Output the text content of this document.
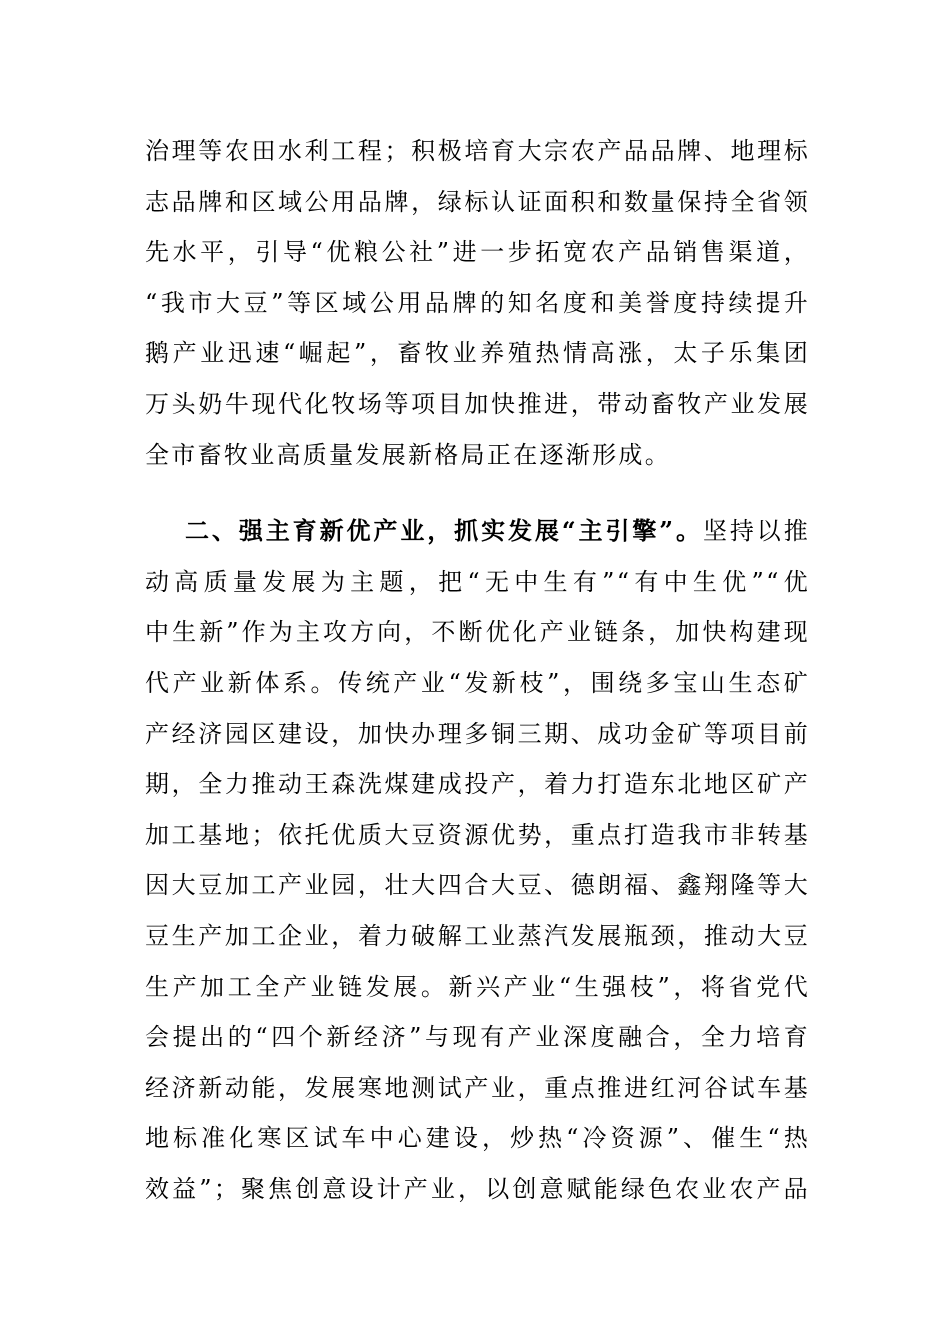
治理等农田水利工程；积极培育大宗农产品品牌、地理标
志品牌和区域公用品牌，绿标认证面积和数量保持全省领
先水平，引导“优粮公社”进一步拓宽农产品销售渠道，
“我市大豆”等区域公用品牌的知名度和美誉度持续提升
鹅产业迅速“崛起”，畜牧业养殖热情高涨，太子乐集团
万头奶牛现代化牧场等项目加快推进，带动畜牧产业发展
全市畜牧业高质量发展新格局正在逐渐形成。
二、强主育新优产业，抓实发展“主引擎”。坚持以推
动高质量发展为主题，把“无中生有”“有中生优”“优
中生新”作为主攻方向，不断优化产业链条，加快构建现
代产业新体系。传统产业“发新枝”，围绕多宝山生态矿
产经济园区建设，加快办理多铜三期、成功金矿等项目前
期，全力推动王森洗煤建成投产，着力打造东北地区矿产
加工基地；依托优质大豆资源优势，重点打造我市非转基
因大豆加工产业园，壮大四合大豆、德朗福、鑫翔隆等大
豆生产加工企业，着力破解工业蒸汽发展瓶颈，推动大豆
生产加工全产业链发展。新兴产业“生强枝”，将省党代
会提出的“四个新经济”与现有产业深度融合，全力培育
经济新动能，发展寒地测试产业，重点推进红河谷试车基
地标准化寒区试车中心建设，炒热“冷资源”、催生“热
效益”；聚焦创意设计产业，以创意赋能绿色农业农产品
